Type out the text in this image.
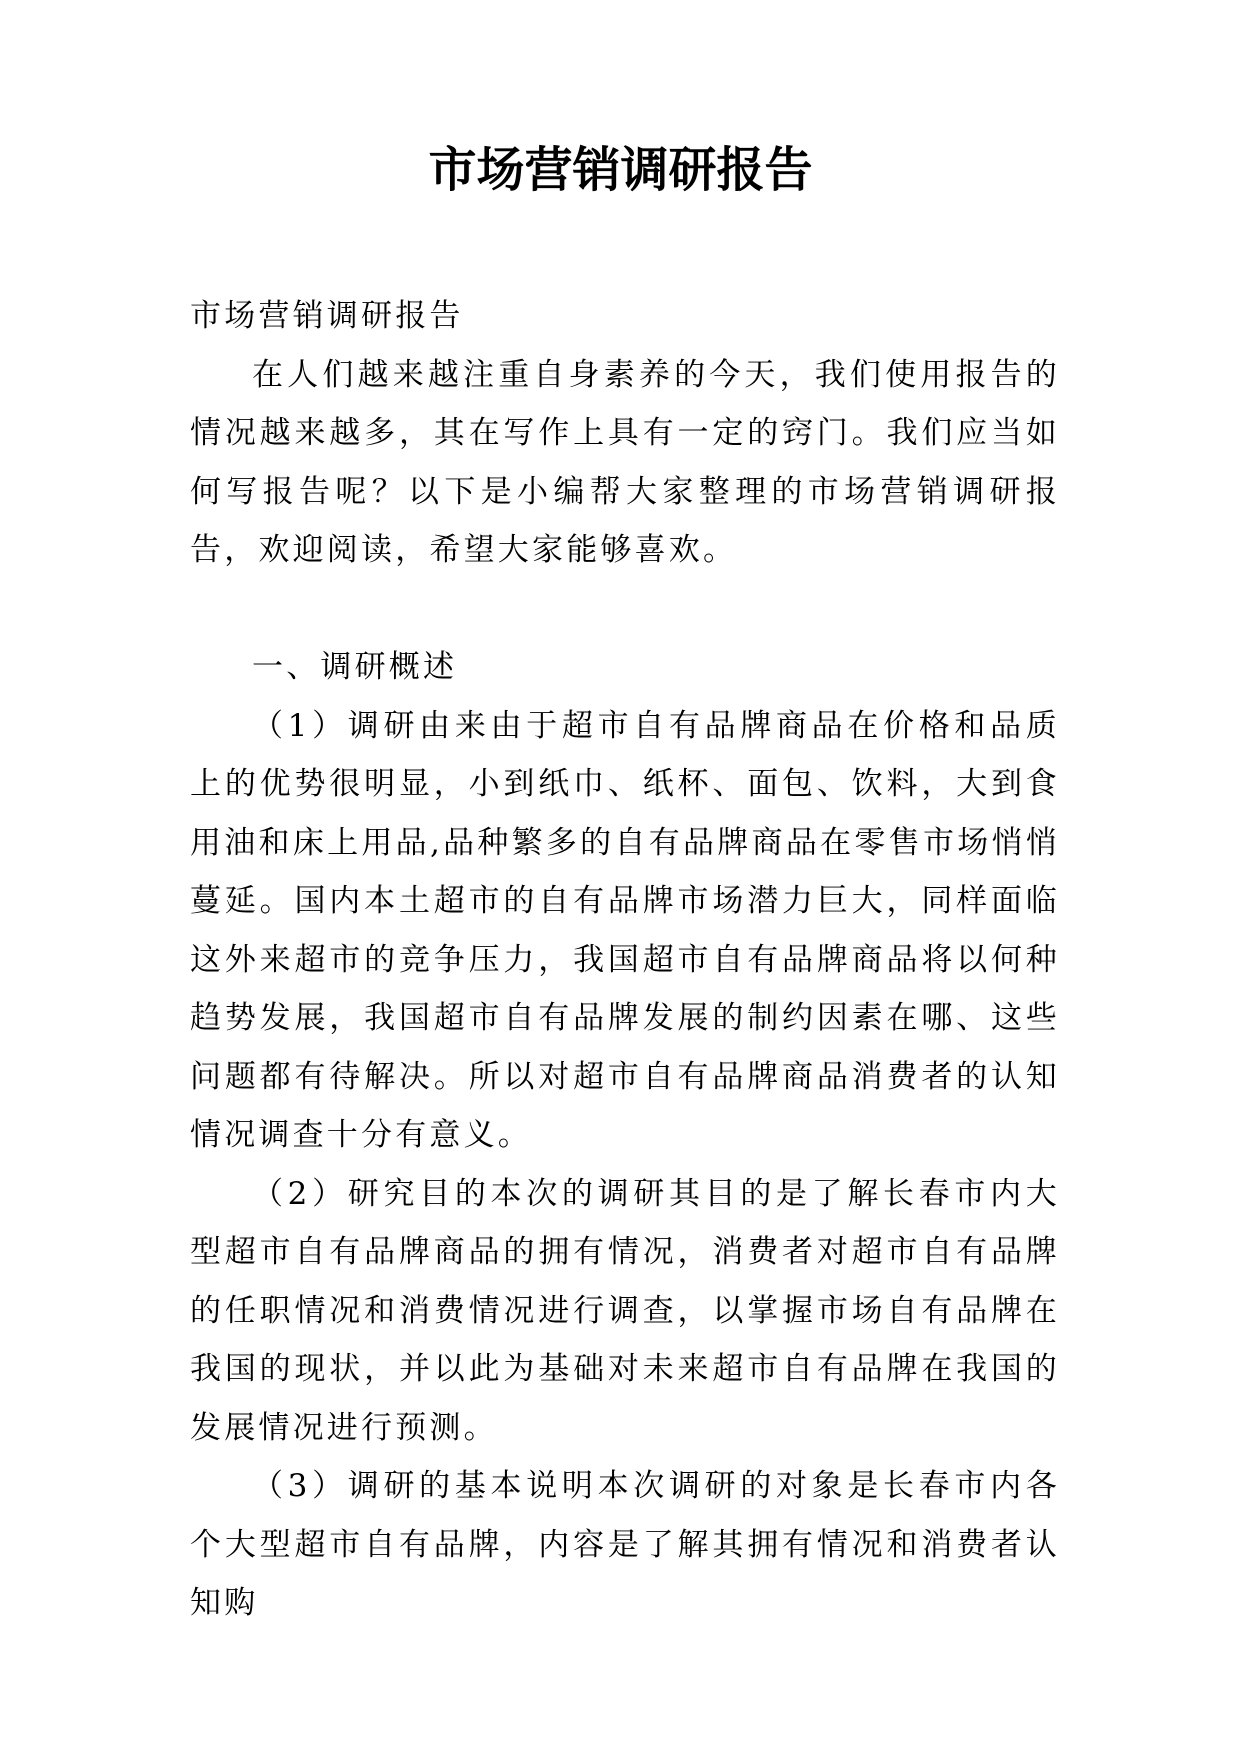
市场营销调研报告

市场营销调研报告

在人们越来越注重自身素养的今天，我们使用报告的情况越来越多，其在写作上具有一定的窍门。我们应当如何写报告呢？以下是小编帮大家整理的市场营销调研报告，欢迎阅读，希望大家能够喜欢。

一、调研概述

（1）调研由来由于超市自有品牌商品在价格和品质上的优势很明显，小到纸巾、纸杯、面包、饮料，大到食用油和床上用品,品种繁多的自有品牌商品在零售市场悄悄蔓延。国内本土超市的自有品牌市场潜力巨大，同样面临这外来超市的竞争压力，我国超市自有品牌商品将以何种趋势发展，我国超市自有品牌发展的制约因素在哪、这些问题都有待解决。所以对超市自有品牌商品消费者的认知情况调查十分有意义。

（2）研究目的本次的调研其目的是了解长春市内大型超市自有品牌商品的拥有情况，消费者对超市自有品牌的任职情况和消费情况进行调查，以掌握市场自有品牌在我国的现状，并以此为基础对未来超市自有品牌在我国的发展情况进行预测。

（3）调研的基本说明本次调研的对象是长春市内各个大型超市自有品牌，内容是了解其拥有情况和消费者认知购
